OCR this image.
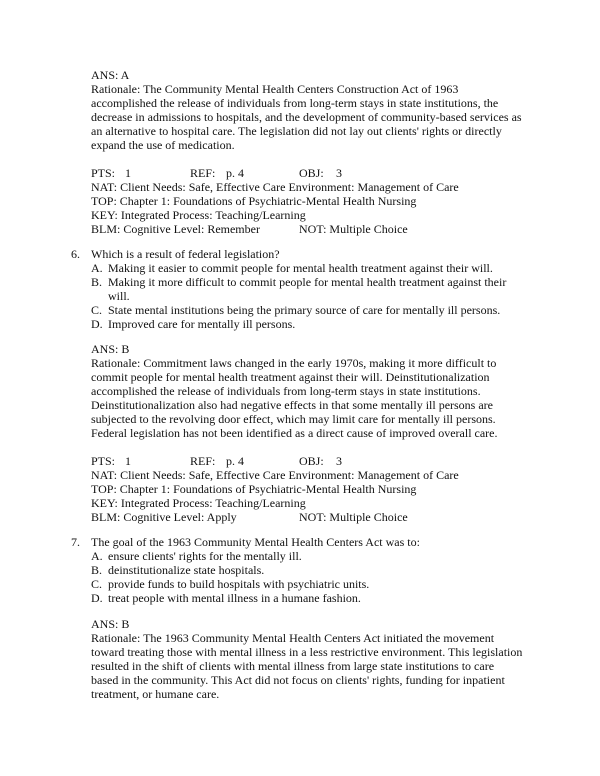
ANS: A
Rationale: The Community Mental Health Centers Construction Act of 1963
accomplished the release of individuals from long-term stays in state institutions, the
decrease in admissions to hospitals, and the development of community-based services as
an alternative to hospital care. The legislation did not lay out clients' rights or directly
expand the use of medication.
PTS: 1	REF: p. 4	OBJ: 3
NAT: Client Needs: Safe, Effective Care Environment: Management of Care
TOP: Chapter 1: Foundations of Psychiatric-Mental Health Nursing
KEY: Integrated Process: Teaching/Learning
BLM: Cognitive Level: Remember	NOT: Multiple Choice
6. Which is a result of federal legislation?
A. Making it easier to commit people for mental health treatment against their will.
B. Making it more difficult to commit people for mental health treatment against their
will.
C. State mental institutions being the primary source of care for mentally ill persons.
D. Improved care for mentally ill persons.
ANS: B
Rationale: Commitment laws changed in the early 1970s, making it more difficult to
commit people for mental health treatment against their will. Deinstitutionalization
accomplished the release of individuals from long-term stays in state institutions.
Deinstitutionalization also had negative effects in that some mentally ill persons are
subjected to the revolving door effect, which may limit care for mentally ill persons.
Federal legislation has not been identified as a direct cause of improved overall care.
PTS: 1	REF: p. 4	OBJ: 3
NAT: Client Needs: Safe, Effective Care Environment: Management of Care
TOP: Chapter 1: Foundations of Psychiatric-Mental Health Nursing
KEY: Integrated Process: Teaching/Learning
BLM: Cognitive Level: Apply	NOT: Multiple Choice
7. The goal of the 1963 Community Mental Health Centers Act was to:
A. ensure clients' rights for the mentally ill.
B. deinstitutionalize state hospitals.
C. provide funds to build hospitals with psychiatric units.
D. treat people with mental illness in a humane fashion.
ANS: B
Rationale: The 1963 Community Mental Health Centers Act initiated the movement
toward treating those with mental illness in a less restrictive environment. This legislation
resulted in the shift of clients with mental illness from large state institutions to care
based in the community. This Act did not focus on clients' rights, funding for inpatient
treatment, or humane care.
